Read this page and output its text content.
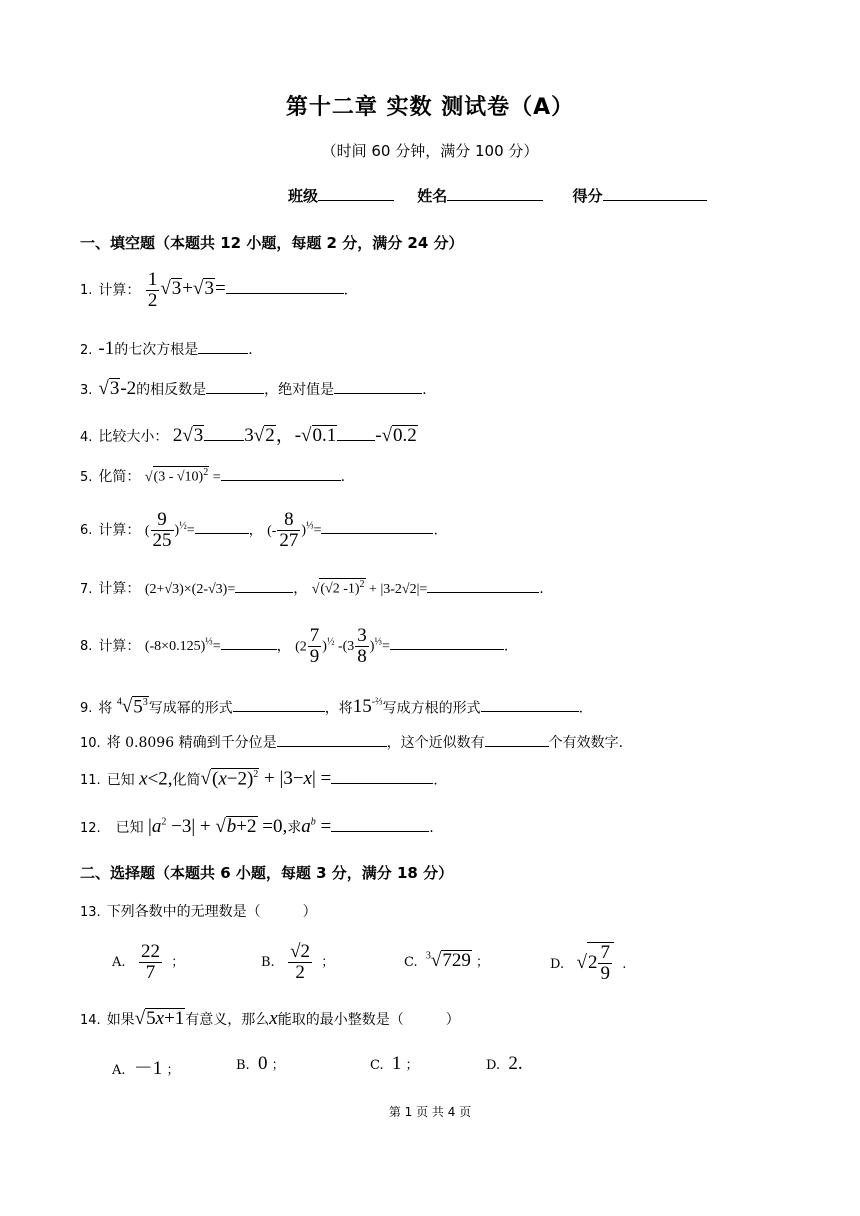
第十二章 实数 测试卷（A）
（时间 60 分钟，满分 100 分）
班级	姓名	得分
一、填空题（本题共 12 小题，每题 2 分，满分 24 分）
1. 计算： $\frac{1}{2} √3+√3=$	.
2. -1的七次方根是	.
3. √3-2的相反数是	，绝对值是	.
4. 比较大小： 2√3 3√2，-√0.1 -√0.2
5. 化简： √(3 - √10)$^2$ =	.
6. 计算： ( $\frac{9}{25} )^{\frac{1}{2}}=$	， (- $\frac{8}{27} )^{\frac{1}{3}}=$	.
7. 计算： (2+√3)×(2-√3)=	， √(√2 -1)$^2$ + |3-2√2|=	.
8. 计算： $(-8\times 0.125)^{\frac{1}{3}}=$	， $(2 \frac{7}{9} )^{\frac{1}{2}}$ $-(3 \frac{3}{8} )^{\frac{1}{3}}=$	.
9. 将 $^4√5^3$写成幂的形式	，将$15^{-\frac{2}{3}}$写成方根的形式	.
10. 将 0.8096 精确到千分位是	，这个近似数有	个有效数字.
11. 已知 x<2,化简$√(x-2)^2 + |3-x|$ =	.
12. 已知 $|a^2 -3| + √b+2 =0$,求$a^b$ =	.
二、选择题（本题共 6 小题，每题 3 分，满分 18 分）
13. 下列各数中的无理数是（　　　）
A. $\frac{22}{7}$ ；	B. $\frac{√2}{2}$ ；	C. $^3$√729 ；	D. $√2 \frac{7}{9}$ .
14. 如果√5x+1有意义，那么x能取的最小整数是（　　　）
A. －1 ；	B. 0 ；	C. 1 ；	D. 2.
第 1 页 共 4 页
